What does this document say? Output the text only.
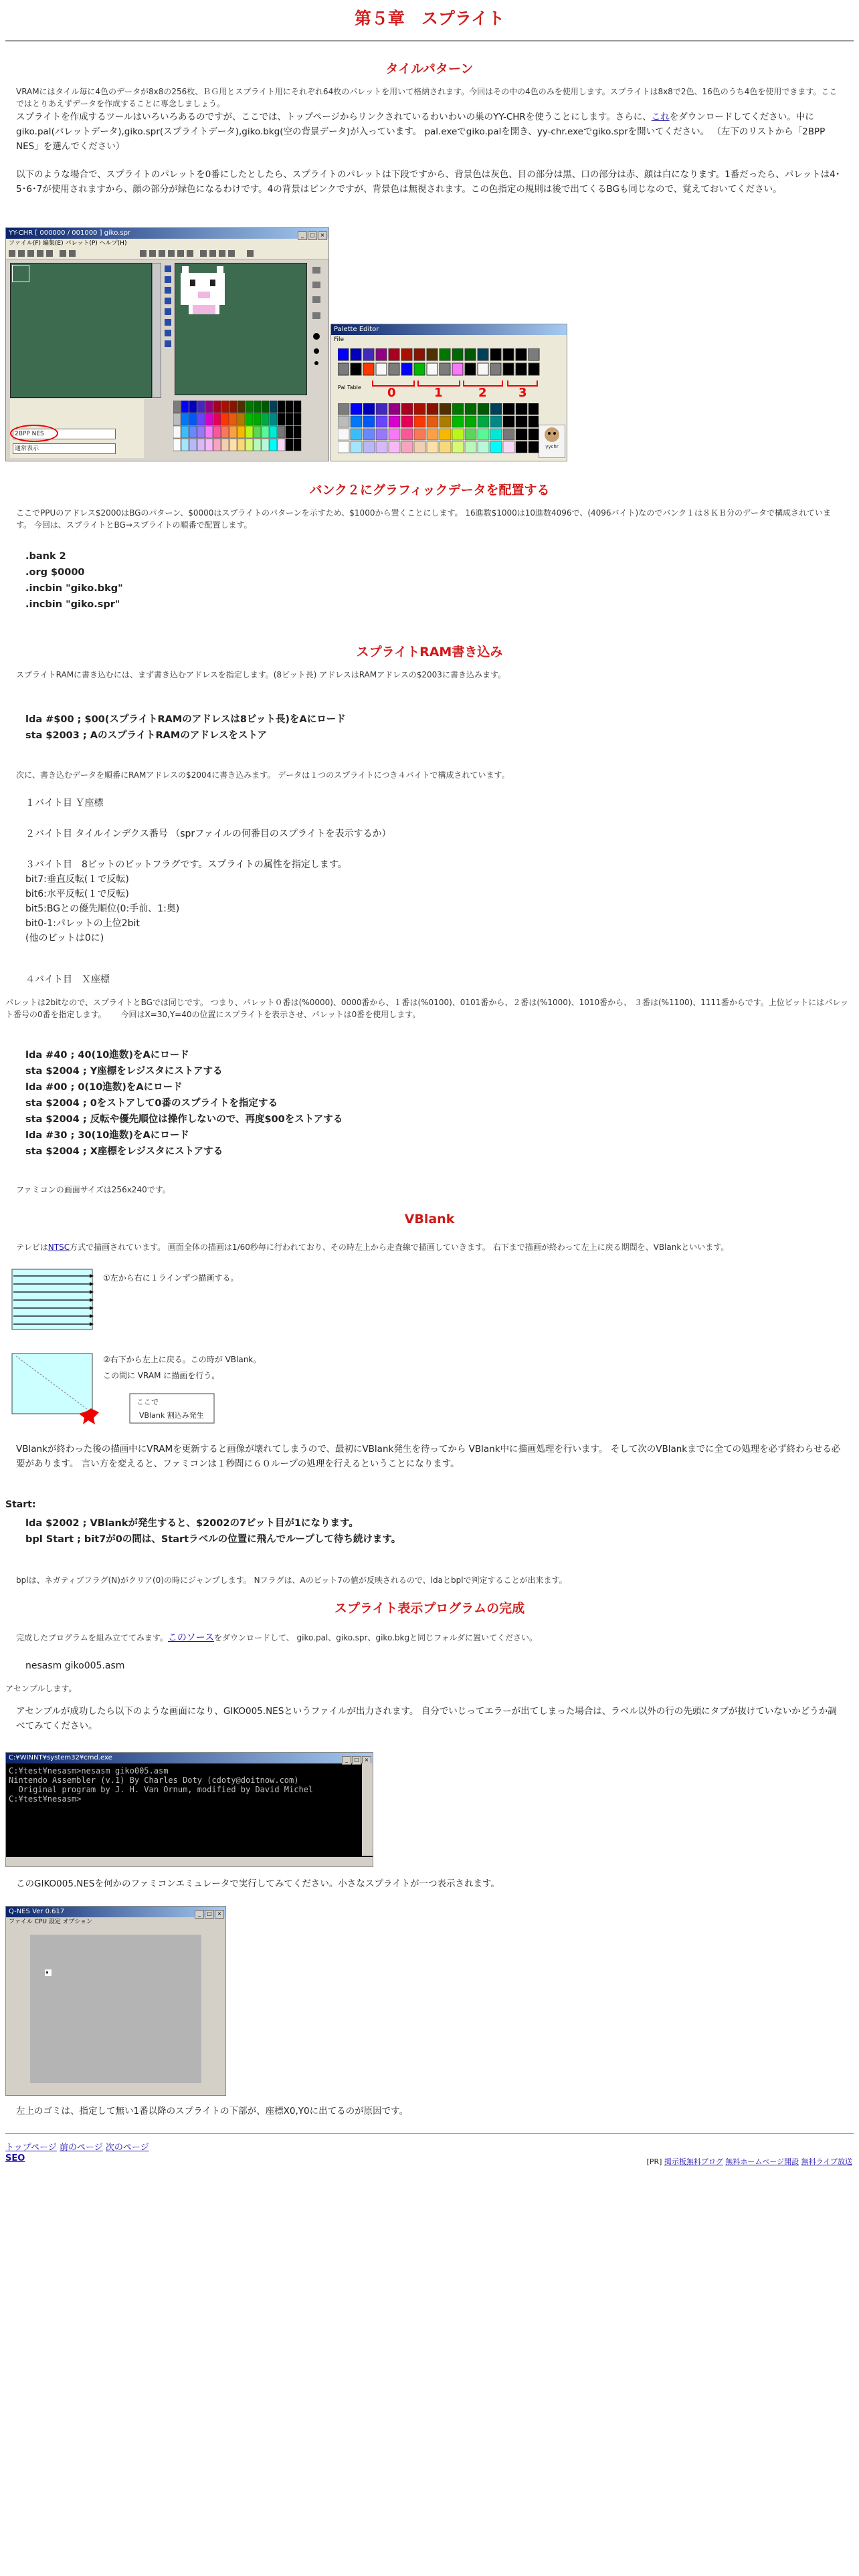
第５章　スプライト
タイルパターン

VRAMにはタイル毎に4色のデータが8x8の256枚、ＢＧ用とスプライト用にそれぞれ64枚のパレットを用いて格納されます。今回はその中の4色のみを使用します。スプライトは8x8で2色、16色のうち4色を使用できます。ここではとりあえずデータを作成することに専念しましょう。

スプライトを作成するツールはいろいろあるのですが、ここでは、トップページからリンクされているわいわいの巣のYY-CHRを使うことにします。さらに、これをダウンロードしてください。中にgiko.pal(パレットデータ),giko.spr(スプライトデータ),giko.bkg(空の背景データ)が入っています。 pal.exeでgiko.palを開き、yy-chr.exeでgiko.sprを開いてください。 （左下のリストから「2BPP NES」を選んでください）

以下のような場合で、スプライトのパレットを0番にしたとしたら、スプライトのパレットは下段ですから、背景色は灰色、目の部分は黒、口の部分は赤、顔は白になります。1番だったら、パレットは4･5･6･7が使用されますから、顔の部分が緑色になるわけです。4の背景はピンクですが、背景色は無視されます。この色指定の規則は後で出てくるBGも同じなので、覚えておいてください。

YY-CHR [ 000000 / 001000 ] giko.spr	_ □ ×
ファイル(F) 編集(E) パレット(P) ヘルプ(H)
2BPP NES
通常表示
Palette Editor
File
Pal Table 0	1	2	3
yychr
バンク２にグラフィックデータを配置する

ここでPPUのアドレス$2000はBGのパターン、$0000はスプライトのパターンを示すため、$1000から置くことにします。 16進数$1000は10進数4096で、(4096バイト)なのでバンク１は８ＫＢ分のデータで構成されています。 今回は、スプライトとBG→スプライトの順番で配置します。

.bank 2
.org $0000
.incbin "giko.bkg"
.incbin "giko.spr"
スプライトRAM書き込み

スプライトRAMに書き込むには、まず書き込むアドレスを指定します。(8ビット長) アドレスはRAMアドレスの$2003に書き込みます。

lda #$00 ; $00(スプライトRAMのアドレスは8ビット長)をAにロード
sta $2003 ; AのスプライトRAMのアドレスをストア

次に、書き込むデータを順番にRAMアドレスの$2004に書き込みます。 データは１つのスプライトにつき４バイトで構成されています。

１バイト目 Ｙ座標

２バイト目 タイルインデクス番号 （sprファイルの何番目のスプライトを表示するか）

３バイト目　8ビットのビットフラグです。スプライトの属性を指定します。
bit7:垂直反転(１で反転)
bit6:水平反転(１で反転)
bit5:BGとの優先順位(0:手前、1:奥)
bit0-1:パレットの上位2bit
(他のビットは0に)

４バイト目　Ｘ座標

パレットは2bitなので、スプライトとBGでは同じです。 つまり、パレット０番は(%0000)、0000番から、１番は(%0100)、0101番から、２番は(%1000)、1010番から、 ３番は(%1100)、1111番からです。上位ビットにはパレット番号の0番を指定します。　　 今回はX=30,Y=40の位置にスプライトを表示させ、パレットは0番を使用します。

lda #40 ; 40(10進数)をAにロード
sta $2004 ; Y座標をレジスタにストアする
lda #00 ; 0(10進数)をAにロード
sta $2004 ; 0をストアして0番のスプライトを指定する
sta $2004 ; 反転や優先順位は操作しないので、再度$00をストアする
lda #30 ; 30(10進数)をAにロード
sta $2004 ; X座標をレジスタにストアする

ファミコンの画面サイズは256x240です。

VBlank

テレビはNTSC方式で描画されています。 画面全体の描画は1/60秒毎に行われており、その時左上から走査線で描画していきます。 右下まで描画が終わって左上に戻る期間を、VBlankといいます。

①左から右に１ラインずつ描画する。
②右下から左上に戻る。この時が VBlank。
この間に VRAM に描画を行う。
ここで
VBlank 割込み発生

VBlankが終わった後の描画中にVRAMを更新すると画像が壊れてしまうので、最初にVBlank発生を待ってから VBlank中に描画処理を行います。 そして次のVBlankまでに全ての処理を必ず終わらせる必要があります。 言い方を変えると、ファミコンは１秒間に６０ループの処理を行えるということになります。

Start:
lda $2002 ; VBlankが発生すると、$2002の7ビット目が1になります。
bpl Start ; bit7が0の間は、Startラベルの位置に飛んでループして待ち続けます。

bplは、ネガティブフラグ(N)がクリア(0)の時にジャンプします。 Nフラグは、Aのビット7の値が反映されるので、ldaとbplで判定することが出来ます。

スプライト表示プログラムの完成

完成したプログラムを組み立ててみます。このソースをダウンロードして、 giko.pal、giko.spr、giko.bkgと同じフォルダに置いてください。

nesasm giko005.asm

アセンブルします。

アセンブルが成功したら以下のような画面になり、GIKO005.NESというファイルが出力されます。 自分でいじってエラーが出てしまった場合は、ラベル以外の行の先頭にタブが抜けていないかどうか調べてみてください。

C:¥WINNT¥system32¥cmd.exe	_ □ ×
C:¥test¥nesasm>nesasm giko005.asm
Nintendo Assembler (v.1) By Charles Doty (cdoty@doitnow.com)
Original program by J. H. Van Ornum, modified by David Michel
C:¥test¥nesasm>

このGIKO005.NESを何かのファミコンエミュレータで実行してみてください。小さなスプライトが一つ表示されます。

Q-NES Ver 0.617	_ □ ×
ファイル CPU 設定 オプション

左上のゴミは、指定して無い1番以降のスプライトの下部が、座標X0,Y0に出てるのが原因です。

トップページ 前のページ 次のページ
SEO	[PR] 掲示板無料ブログ 無料ホームページ開設 無料ライブ放送
